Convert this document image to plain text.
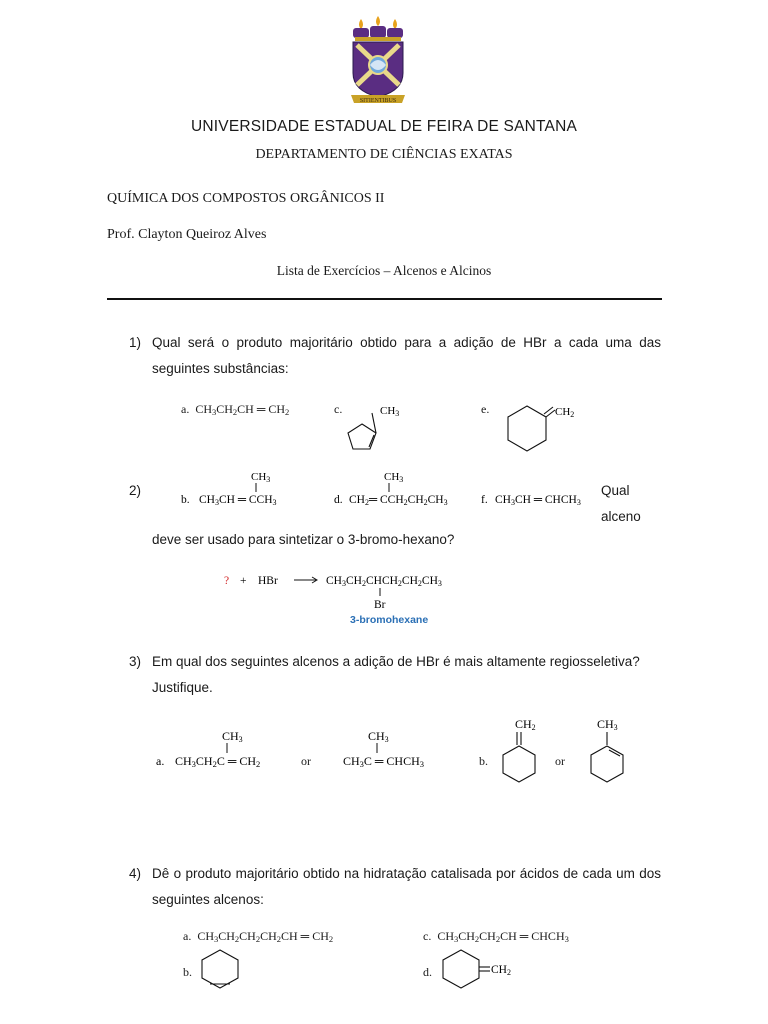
SITIENTIBUS
UNIVERSIDADE ESTADUAL DE FEIRA DE SANTANA
DEPARTAMENTO DE CIÊNCIAS EXATAS
QUÍMICA DOS COMPOSTOS ORGÂNICOS II
Prof. Clayton Queiroz Alves
Lista de Exercícios – Alcenos e Alcinos
1) Qual será o produto majoritário obtido para a adição de HBr a cada uma das seguintes substâncias:
a.  $CH_3CH_2CH$ ═ $CH_2$	c.	CH3	e.	CH2
2)
CH3
b. CH3CH ═ CCH3
CH3
d. CH2═ CCH2CH2CH3	f. CH3CH ═ CHCH3
Qual alceno
deve ser usado para sintetizar o 3-bromo-hexano?
? + HBr	CH3CH2CHCH2CH2CH3
Br
3-bromohexane
3) Em qual dos seguintes alcenos a adição de HBr é mais altamente regiosseletiva? Justifique.
CH3
a. CH3CH2C ═ CH2	or
CH3
CH3C ═ CHCH3	b.
CH2
or
CH3
4) Dê o produto majoritário obtido na hidratação catalisada por ácidos de cada um dos seguintes alcenos:
a.  $CH_3CH_2CH_2CH_2CH$ ═ $CH_2$	c.  $CH_3CH_2CH_2CH$ ═ $CHCH_3$
b.	d.	CH2
